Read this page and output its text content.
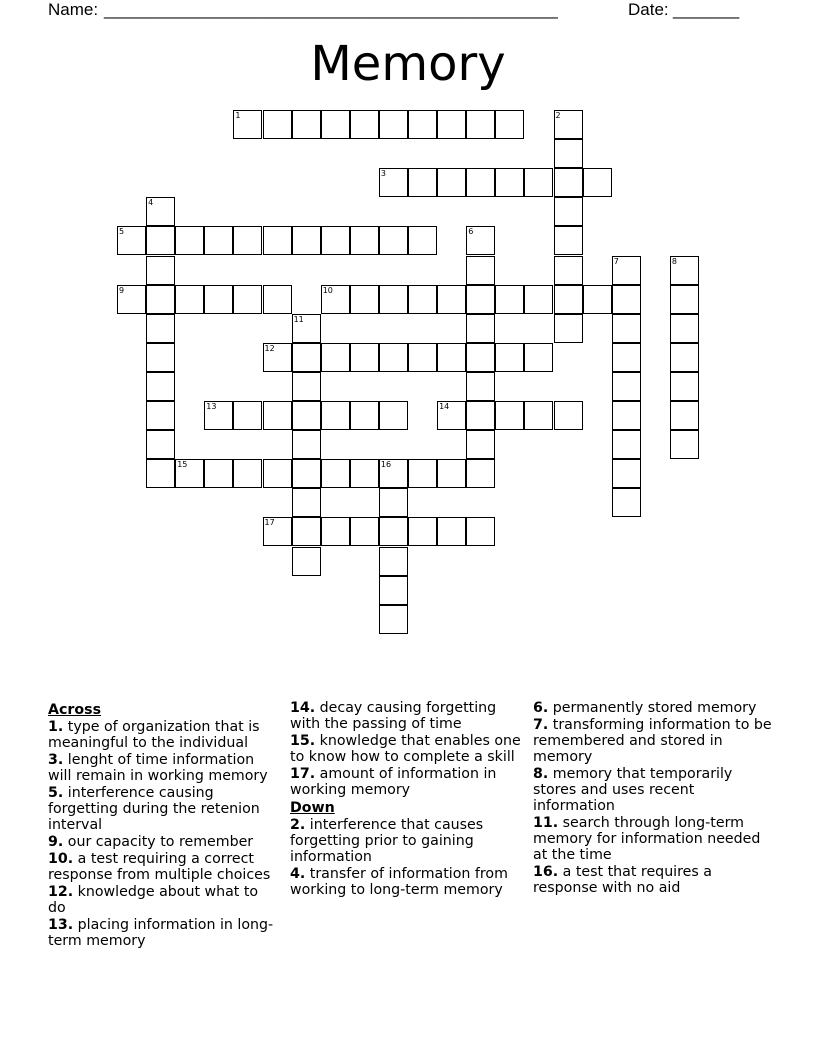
Name: ________________________________________________	Date: _______
Memory
1	2
3
4
5	6
7	8
9	10
11
12
13	14
15	16
17
Across
1. type of organization that is meaningful to the individual
3. lenght of time information will remain in working memory
5. interference causing forgetting during the retenion interval
9. our capacity to remember
10. a test requiring a correct response from multiple choices
12. knowledge about what to do
13. placing information in long-term memory
14. decay causing forgetting with the passing of time
15. knowledge that enables one to know how to complete a skill
17. amount of information in working memory
Down
2. interference that causes forgetting prior to gaining information
4. transfer of information from working to long-term memory
6. permanently stored memory
7. transforming information to be remembered and stored in memory
8. memory that temporarily stores and uses recent information
11. search through long-term memory for information needed at the time
16. a test that requires a response with no aid
